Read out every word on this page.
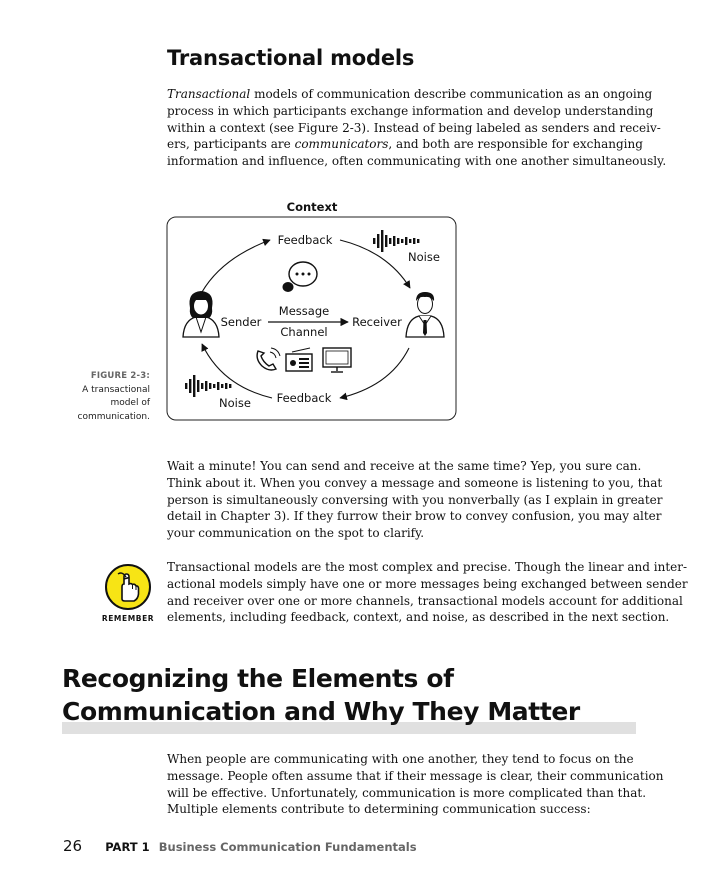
Transactional models

Transactional models of communication describe communication as an ongoing
process in which participants exchange information and develop understanding
within a context (see Figure 2-3). Instead of being labeled as senders and receiv-
ers, participants are communicators, and both are responsible for exchanging
information and influence, often communicating with one another simultaneously.

FIGURE 2-3:
A transactional
model of
communication.
Context
Feedback
Feedback
Noise
Noise
Sender
Message
Channel
Receiver
Wait a minute! You can send and receive at the same time? Yep, you sure can.
Think about it. When you convey a message and someone is listening to you, that
person is simultaneously conversing with you nonverbally (as I explain in greater
detail in Chapter 3). If they furrow their brow to convey confusion, you may alter
your communication on the spot to clarify.
REMEMBER
Transactional models are the most complex and precise. Though the linear and inter-
actional models simply have one or more messages being exchanged between sender
and receiver over one or more channels, transactional models account for additional
elements, including feedback, context, and noise, as described in the next section.
Recognizing the Elements of
Communication and Why They Matter
When people are communicating with one another, they tend to focus on the
message. People often assume that if their message is clear, their communication
will be effective. Unfortunately, communication is more complicated than that.
Multiple elements contribute to determining communication success:
26 PART 1 Business Communication Fundamentals
